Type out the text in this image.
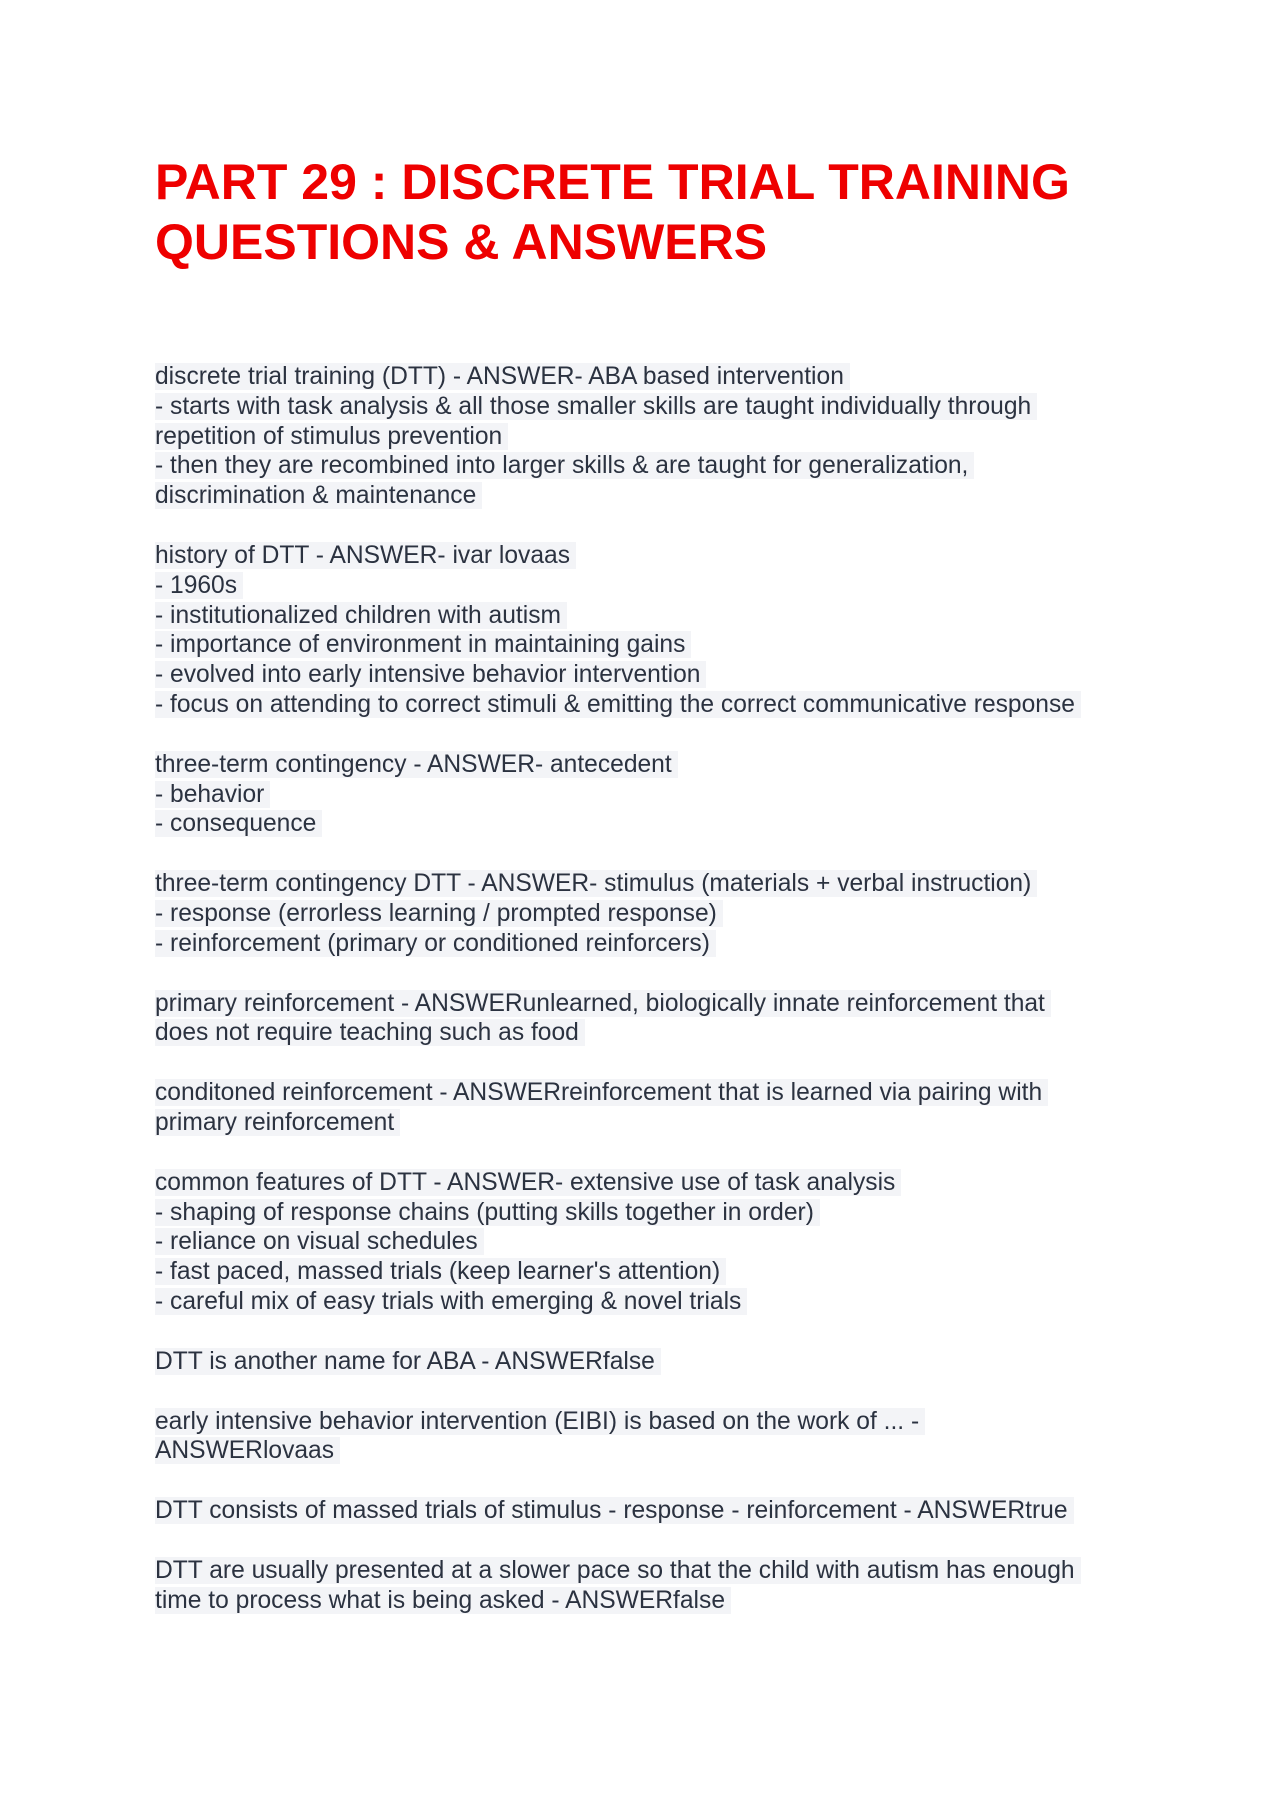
PART 29 : DISCRETE TRIAL TRAINING
QUESTIONS & ANSWERS
discrete trial training (DTT) - ANSWER- ABA based intervention
- starts with task analysis & all those smaller skills are taught individually through
repetition of stimulus prevention
- then they are recombined into larger skills & are taught for generalization,
discrimination & maintenance
history of DTT - ANSWER- ivar lovaas
- 1960s
- institutionalized children with autism
- importance of environment in maintaining gains
- evolved into early intensive behavior intervention
- focus on attending to correct stimuli & emitting the correct communicative response
three-term contingency - ANSWER- antecedent
- behavior
- consequence
three-term contingency DTT - ANSWER- stimulus (materials + verbal instruction)
- response (errorless learning / prompted response)
- reinforcement (primary or conditioned reinforcers)
primary reinforcement - ANSWERunlearned, biologically innate reinforcement that
does not require teaching such as food
conditoned reinforcement - ANSWERreinforcement that is learned via pairing with
primary reinforcement
common features of DTT - ANSWER- extensive use of task analysis
- shaping of response chains (putting skills together in order)
- reliance on visual schedules
- fast paced, massed trials (keep learner's attention)
- careful mix of easy trials with emerging & novel trials
DTT is another name for ABA - ANSWERfalse
early intensive behavior intervention (EIBI) is based on the work of ... -
ANSWERlovaas
DTT consists of massed trials of stimulus - response - reinforcement - ANSWERtrue
DTT are usually presented at a slower pace so that the child with autism has enough
time to process what is being asked - ANSWERfalse
